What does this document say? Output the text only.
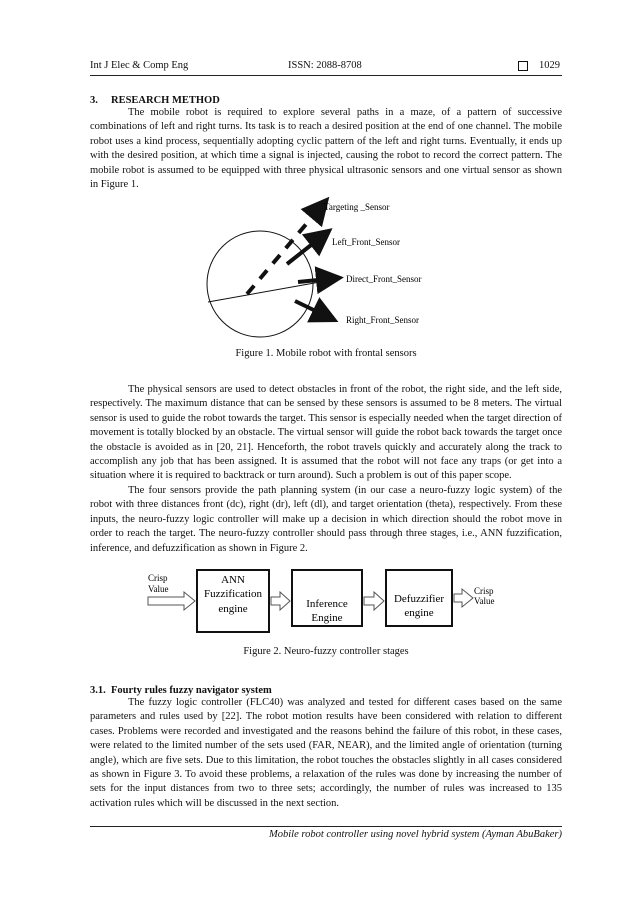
Int J Elec & Comp Eng	ISSN: 2088-8708	1029
3.     RESEARCH METHOD

The mobile robot is required to explore several paths in a maze, of a pattern of successive combinations of left and right turns. Its task is to reach a desired position at the end of one channel. The mobile robot uses a kind process, sequentially adopting cyclic pattern of the left and right turns. Eventually, it ends up with the desired position, at which time a signal is injected, causing the robot to record the correct pattern. The mobile robot is assumed to be equipped with three physical ultrasonic sensors and one virtual sensor as shown in Figure 1.

Targeting _Sensor
Left_Front_Sensor
Direct_Front_Sensor
Right_Front_Sensor
Figure 1. Mobile robot with frontal sensors

The physical sensors are used to detect obstacles in front of the robot, the right side, and the left side, respectively. The maximum distance that can be sensed by these sensors is assumed to be 8 meters. The virtual sensor is used to guide the robot towards the target. This sensor is especially needed when the target direction of movement is totally blocked by an obstacle. The virtual sensor will guide the robot back towards the target once the obstacle is avoided as in [20, 21]. Henceforth, the robot travels quickly and accurately along the track to accomplish any job that has been assigned. It is assumed that the robot will not face any traps (or get into a situation where it is required to backtrack or turn around). Such a problem is out of this paper scope.

The four sensors provide the path planning system (in our case a neuro-fuzzy logic system) of the robot with three distances front (dc), right (dr), left (dl), and target orientation (theta), respectively. From these inputs, the neuro-fuzzy logic controller will make up a decision in which direction should the robot move in order to reach the target. The neuro-fuzzy controller should pass through three stages, i.e., ANN fuzzification, inference, and defuzzification as shown in Figure 2.

Crisp
Value
ANN
Fuzzification
engine	Inference
Engine
Defuzzifier
engine
Crisp
Value
Figure 2. Neuro-fuzzy controller stages
3.1.  Fourty rules fuzzy navigator system

The fuzzy logic controller (FLC40) was analyzed and tested for different cases based on the same parameters and rules used by [22]. The robot motion results have been considered with relation to different cases. Problems were recorded and investigated and the reasons behind the failure of this robot, in these cases, were related to the limited number of the sets used (FAR, NEAR), and the limited angle of orientation (turning angle), which are five sets. Due to this limitation, the robot touches the obstacles slightly in all cases considered as shown in Figure 3. To avoid these problems, a relaxation of the rules was done by increasing the number of sets for the input distances from two to three sets; accordingly, the number of rules was increased to 135 activation rules which will be discussed in the next section.

Mobile robot controller using novel hybrid system (Ayman AbuBaker)
